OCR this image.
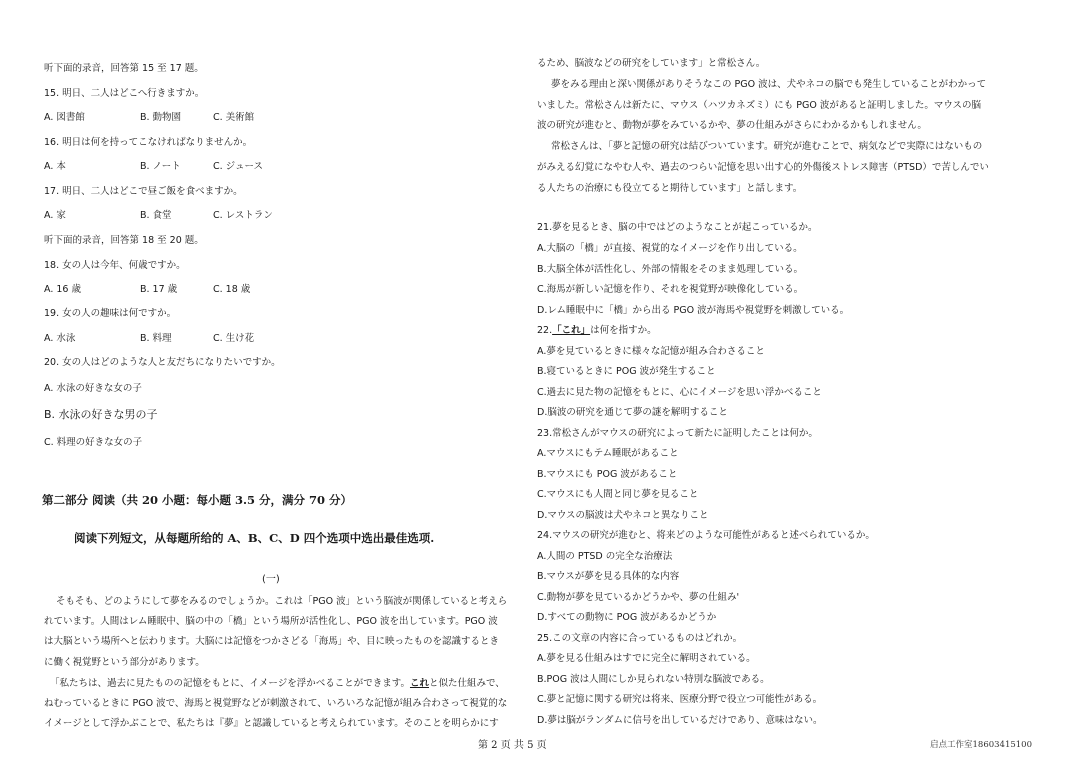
听下面的录音，回答第 15 至 17 题。
15. 明日、二人はどこへ行きますか。
A. 図書館	B. 動物園	C. 美術館
16. 明日は何を持ってこなければなりませんか。
A. 本	B. ノート	C. ジュース
17. 明日、二人はどこで昼ご飯を食べますか。
A. 家	B. 食堂	C. レストラン
听下面的录音，回答第 18 至 20 题。
18. 女の人は今年、何歳ですか。
A. 16 歳	B. 17 歳	C. 18 歳
19. 女の人の趣味は何ですか。
A. 水泳	B. 料理	C. 生け花
20. 女の人はどのような人と友だちになりたいですか。
A. 水泳の好きな女の子
B. 水泳の好きな男の子
C. 料理の好きな女の子
第二部分 阅读（共 20 小题：每小题 3.5 分，满分 70 分）
阅读下列短文，从每题所给的 A、B、C、D 四个选项中选出最佳选项.
(一)
そもそも、どのようにして夢をみるのでしょうか。これは「PGO 波」という脳波が関係していると考えら
れています。人間はレム睡眠中、脳の中の「橋」という場所が活性化し、PGO 波を出しています。PGO 波
は大脳という場所へと伝わります。大脳には記憶をつかさどる「海馬」や、目に映ったものを認識するとき
に働く視覚野という部分があります。
「私たちは、過去に見たものの記憶をもとに、イメージを浮かべることができます。これと似た仕組みで、
ねむっているときに PGO 波で、海馬と視覚野などが刺激されて、いろいろな記憶が組み合わさって視覚的な
イメージとして浮かぶことで、私たちは『夢』と認識していると考えられています。そのことを明らかにす
るため、脳波などの研究をしています」と常松さん。
夢をみる理由と深い関係がありそうなこの PGO 波は、犬やネコの脳でも発生していることがわかって
いました。常松さんは新たに、マウス（ハツカネズミ）にも PGO 波があると証明しました。マウスの脳
波の研究が進むと、動物が夢をみているかや、夢の仕組みがさらにわかるかもしれません。
常松さんは、「夢と記憶の研究は結びついています。研究が進むことで、病気などで実際にはないもの
がみえる幻覚になやむ人や、過去のつらい記憶を思い出す心的外傷後ストレス障害（PTSD）で苦しんでい
る人たちの治療にも役立てると期待しています」と話します。
21.夢を見るとき、脳の中ではどのようなことが起こっているか。
A.大脳の「橋」が直接、視覚的なイメージを作り出している。
B.大脳全体が活性化し、外部の情報をそのまま処理している。
C.海馬が新しい記憶を作り、それを視覚野が映像化している。
D.レム睡眠中に「橋」から出る PGO 波が海馬や視覚野を刺激している。
22.「これ」は何を指すか。
A.夢を見ているときに様々な記憶が組み合わさること
B.寝ているときに POG 波が発生すること
C.過去に見た物の記憶をもとに、心にイメージを思い浮かべること
D.脳波の研究を通じて夢の謎を解明すること
23.常松さんがマウスの研究によって新たに証明したことは何か。
A.マウスにもテム睡眠があること
B.マウスにも POG 波があること
C.マウスにも人間と同じ夢を見ること
D.マウスの脳波は犬やネコと異なりこと
24.マウスの研究が進むと、将来どのような可能性があると述べられているか。
A.人間の PTSD の完全な治療法
B.マウスが夢を見る具体的な内容
C.動物が夢を見ているかどうかや、夢の仕組み'
D.すべての動物に POG 波があるかどうか
25.この文章の内容に合っているものはどれか。
A.夢を見る仕組みはすでに完全に解明されている。
B.POG 波は人間にしか見られない特別な脳波である。
C.夢と記憶に関する研究は将来、医療分野で役立つ可能性がある。
D.夢は脳がランダムに信号を出しているだけであり、意味はない。
第 2 页 共 5 页	启点工作室18603415100
